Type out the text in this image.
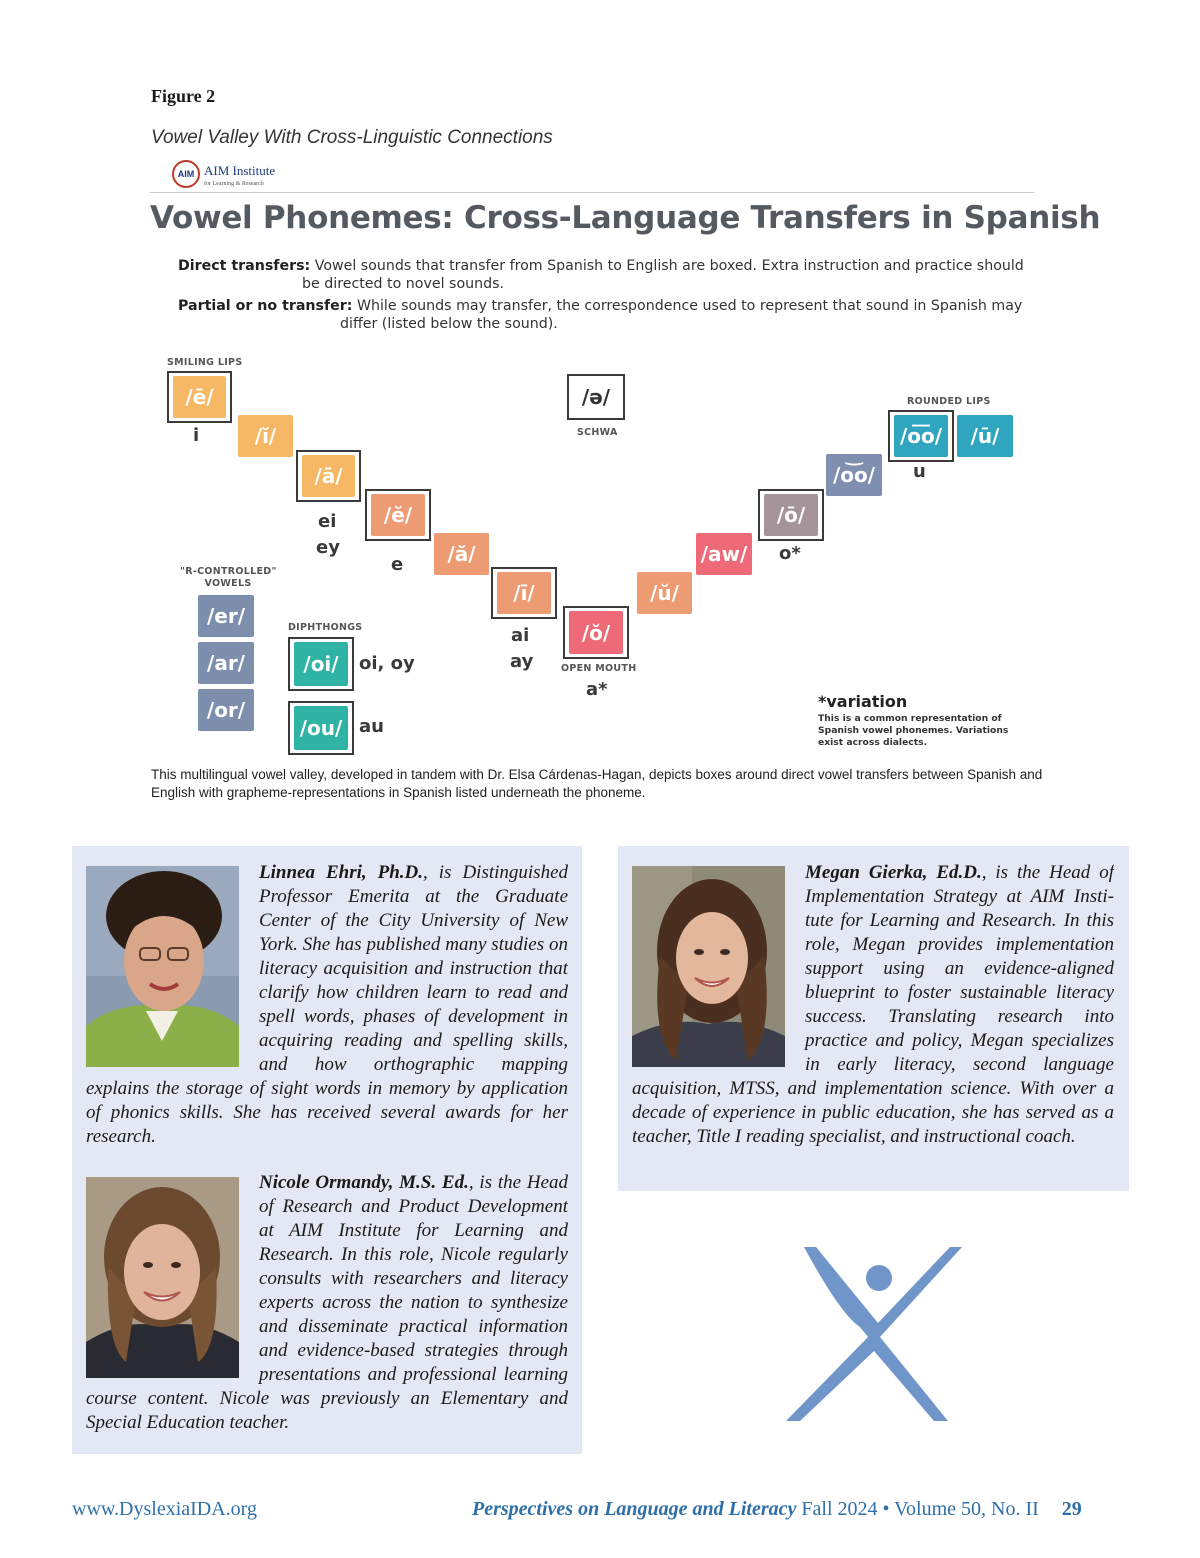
Figure 2
Vowel Valley With Cross-Linguistic Connections
AIM AIM Institute
for Learning & Research
Vowel Phonemes: Cross-Language Transfers in Spanish
Direct transfers: Vowel sounds that transfer from Spanish to English are boxed. Extra instruction and practice should
be directed to novel sounds.
Partial or no transfer: While sounds may transfer, the correspondence used to represent that sound in Spanish may
differ (listed below the sound).
SMILING LIPS
ROUNDED LIPS
SCHWA
OPEN MOUTH
"R-CONTROLLED"
VOWELS
DIPHTHONGS
/ē/
/ĭ/
/ā/
/ĕ/
/ă/
/ī/
/ŏ/
/ŭ/
/aw/
/ō/
/o͝o/
/o͞o/	/ū/
/ə/
/er/
/ar/
/or/
/oi/
/ou/
i
ei
ey
e
ai
ay
a*
o*
u
oi, oy
au
*variation
This is a common representation of Spanish vowel phonemes. Variations exist across dialects.
This multilingual vowel valley, developed in tandem with Dr. Elsa Cárdenas-Hagan, depicts boxes around direct vowel transfers between Spanish and English with grapheme-representations in Spanish listed underneath the phoneme.
Linnea Ehri, Ph.D., is Distinguished Professor Emerita at the Graduate Center of the City University of New York. She has published many studies on literacy acquisition and instruction that clarify how children learn to read and spell words, phases of development in acquiring reading and spelling skills, and how orthographic mapping explains the storage of sight words in memory by application of phonics skills. She has received several awards for her research.
Nicole Ormandy, M.S. Ed., is the Head of Research and Product Development at AIM Institute for Learning and Research. In this role, Nicole regularly consults with researchers and literacy experts across the nation to synthesize and disseminate practical information and evidence-based strategies through presentations and professional learning course content. Nicole was previously an Elementary and Special Education teacher.
Megan Gierka, Ed.D., is the Head of Implementation Strategy at AIM Institute for Learning and Research. In this role, Megan provides implementation support using an evidence-aligned blueprint to foster sustainable literacy success. Translating research into practice and policy, Megan specializes in early literacy, second language acquisition, MTSS, and implementation science. With over a decade of experience in public education, she has served as a teacher, Title I reading specialist, and instructional coach.
www.DyslexiaIDA.org	Perspectives on Language and Literacy Fall 2024 • Volume 50, No. II 29
